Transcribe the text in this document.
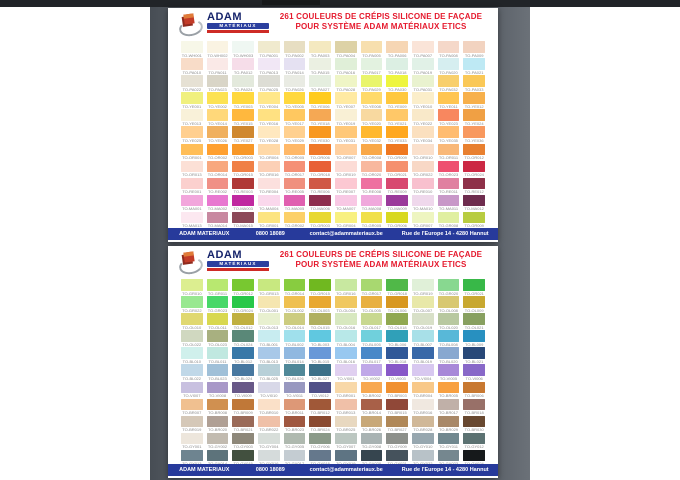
ADAM
MATÉRIAUX
261 COULEURS DE CRÉPIS SILICONE DE FAÇADE
POUR SYSTÈME ADAM MATÉRIAUX ETICS
TO-WH001 TO-WH002 TO-WH003	TO-PA001	TO-PA002	TO-PA003	TO-PA004	TO-PA005	TO-PA006	TO-PA007	TO-PA008	TO-PA009
TO-PA010	TO-PA011	TO-PA012	TO-PA013	TO-PA014	TO-PA015	TO-PA016	TO-PA017	TO-PA018	TO-PA019	TO-PA020	TO-PA021
TO-PA022	TO-PA023	TO-PA024	TO-PA025	TO-PA026	TO-PA027	TO-PA028	TO-PA029	TO-PA030	TO-PA031	TO-PA032	TO-PA033
TO-YE001	TO-YE002	TO-YE003	TO-YE004	TO-YE005	TO-YE006	TO-YE007	TO-YE008	TO-YE009	TO-YE010	TO-YE011	TO-YE012
TO-YE013	TO-YE014	TO-YE015	TO-YE016	TO-YE017	TO-YE018	TO-YE019	TO-YE020	TO-YE021	TO-YE022	TO-YE023	TO-YE024
TO-YE025	TO-YE026	TO-YE027	TO-YE028	TO-YE029	TO-YE030	TO-YE031	TO-YE032	TO-YE033	TO-YE034	TO-YE035	TO-YE036
TO-OR001 TO-OR002 TO-OR003 TO-OR004 TO-OR005 TO-OR006 TO-OR007 TO-OR008 TO-OR009 TO-OR010	TO-OR011	TO-OR012
TO-OR013 TO-OR014 TO-OR015 TO-OR016 TO-OR017 TO-OR018 TO-OR019 TO-OR020 TO-OR021 TO-OR022 TO-OR023 TO-OR024
TO-RE001	TO-RE002	TO-RE003	TO-RE004	TO-RE005	TO-RE006	TO-RE007	TO-RE008	TO-RE009	TO-RE010	TO-RE011	TO-RE012
TO-MA001 TO-MA002 TO-MA003 TO-MA004 TO-MA005 TO-MA006 TO-MA007 TO-MA008 TO-MA009 TO-MA010	TO-MA011	TO-MA012
TO-MA013 TO-MA014 TO-MA015 TO-GR001 TO-GR002 TO-GR003 TO-GR004 TO-GR005 TO-GR006 TO-GR007 TO-GR008 TO-GR009
ADAM MATERIAUX	0800 18089	contact@adammateriaux.be	Rue de l'Europe 14 - 4280 Hannut
ADAM
MATÉRIAUX
261 COULEURS DE CRÉPIS SILICONE DE FAÇADE
POUR SYSTÈME ADAM MATÉRIAUX ETICS
TO-GR010	TO-GR011	TO-GR012 TO-GR013 TO-GR014 TO-GR015 TO-GR016 TO-GR017 TO-GR018 TO-GR019 TO-GR020 TO-GR021
TO-GR022 TO-GR023 TO-GR024	TO-OL001	TO-OL002	TO-OL003	TO-OL004	TO-OL005	TO-OL006	TO-OL007	TO-OL008	TO-OL009
TO-OL010	TO-OL011	TO-OL012	TO-OL013	TO-OL014	TO-OL015	TO-OL016	TO-OL017	TO-OL018	TO-OL019	TO-OL020	TO-OL021
TO-OL022	TO-OL023	TO-OL024	TO-BL001	TO-BL002	TO-BL003	TO-BL004	TO-BL005	TO-BL006	TO-BL007	TO-BL008	TO-BL009
TO-BL010	TO-BL011	TO-BL012	TO-BL013	TO-BL014	TO-BL015	TO-BL016	TO-BL017	TO-BL018	TO-BL019	TO-BL020	TO-BL021
TO-BL022	TO-BL023	TO-BL024	TO-BL025	TO-BL026	TO-BL027	TO-VI001	TO-VI002	TO-VI003	TO-VI004	TO-VI005	TO-VI006
TO-VI007	TO-VI008	TO-VI009	TO-VI010	TO-VI011	TO-VI012	TO-BR001	TO-BR002	TO-BR003	TO-BR004	TO-BR005	TO-BR006
TO-BR007	TO-BR008	TO-BR009	TO-BR010	TO-BR011	TO-BR012	TO-BR013	TO-BR014	TO-BR015	TO-BR016	TO-BR017	TO-BR018
TO-BR019	TO-BR020	TO-BR021	TO-BR022	TO-BR023	TO-BR024	TO-BR025	TO-BR026	TO-BR027	TO-BR028	TO-BR029	TO-BR030
TO-GY001 TO-GY002	TO-GY003 TO-GY004	TO-GY005	TO-GY006 TO-GY007	TO-GY008	TO-GY009 TO-GY010	TO-GY011	TO-GY012
ADAM MATERIAUX	0800 18089	contact@adammateriaux.be	Rue de l'Europe 14 - 4280 Hannut
